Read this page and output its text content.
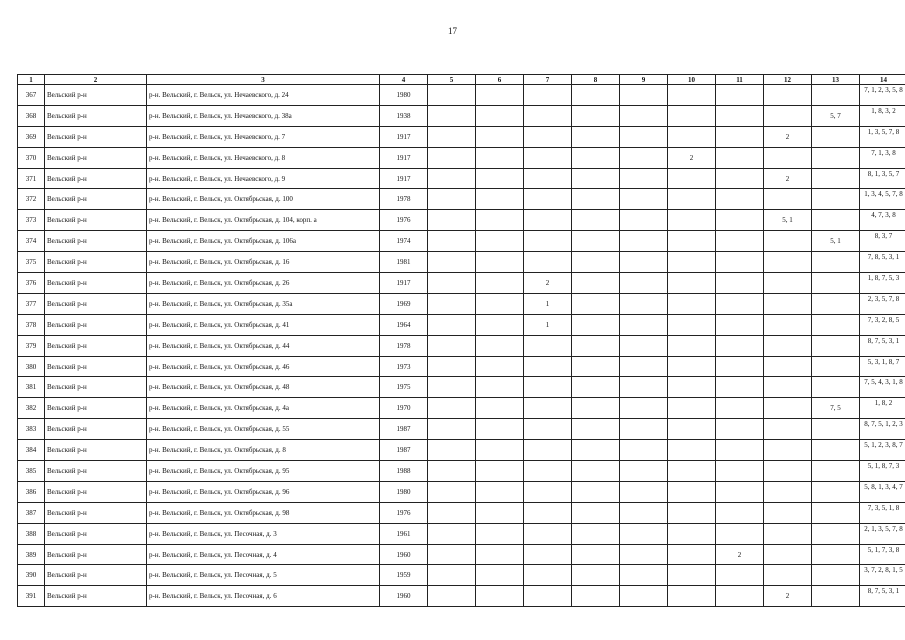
17
1	2	3	4	5	6	7	8	9	10	11	12	13	14
367	Вельский р-н	р-н. Вельский, г. Вельск, ул. Нечаевского, д. 24	1980										7, 1, 2, 3, 5, 8
368	Вельский р-н	р-н. Вельский, г. Вельск, ул. Нечаевского, д. 38а	1938									5, 7	1, 8, 3, 2
369	Вельский р-н	р-н. Вельский, г. Вельск, ул. Нечаевского, д. 7	1917								2		1, 3, 5, 7, 8
370	Вельский р-н	р-н. Вельский, г. Вельск, ул. Нечаевского, д. 8	1917						2				7, 1, 3, 8
371	Вельский р-н	р-н. Вельский, г. Вельск, ул. Нечаевского, д. 9	1917								2		8, 1, 3, 5, 7
372	Вельский р-н	р-н. Вельский, г. Вельск, ул. Октябрьская, д. 100	1978										1, 3, 4, 5, 7, 8
373	Вельский р-н	р-н. Вельский, г. Вельск, ул. Октябрьская, д. 104, корп. а	1976								5, 1		4, 7, 3, 8
374	Вельский р-н	р-н. Вельский, г. Вельск, ул. Октябрьская, д. 106а	1974									5, 1	8, 3, 7
375	Вельский р-н	р-н. Вельский, г. Вельск, ул. Октябрьская, д. 16	1981										7, 8, 5, 3, 1
376	Вельский р-н	р-н. Вельский, г. Вельск, ул. Октябрьская, д. 26	1917			2							1, 8, 7, 5, 3
377	Вельский р-н	р-н. Вельский, г. Вельск, ул. Октябрьская, д. 35а	1969			1							2, 3, 5, 7, 8
378	Вельский р-н	р-н. Вельский, г. Вельск, ул. Октябрьская, д. 41	1964			1							7, 3, 2, 8, 5
379	Вельский р-н	р-н. Вельский, г. Вельск, ул. Октябрьская, д. 44	1978										8, 7, 5, 3, 1
380	Вельский р-н	р-н. Вельский, г. Вельск, ул. Октябрьская, д. 46	1973										5, 3, 1, 8, 7
381	Вельский р-н	р-н. Вельский, г. Вельск, ул. Октябрьская, д. 48	1975										7, 5, 4, 3, 1, 8
382	Вельский р-н	р-н. Вельский, г. Вельск, ул. Октябрьская, д. 4а	1970									7, 5	1, 8, 2
383	Вельский р-н	р-н. Вельский, г. Вельск, ул. Октябрьская, д. 55	1987										8, 7, 5, 1, 2, 3
384	Вельский р-н	р-н. Вельский, г. Вельск, ул. Октябрьская, д. 8	1987										5, 1, 2, 3, 8, 7
385	Вельский р-н	р-н. Вельский, г. Вельск, ул. Октябрьская, д. 95	1988										5, 1, 8, 7, 3
386	Вельский р-н	р-н. Вельский, г. Вельск, ул. Октябрьская, д. 96	1980										5, 8, 1, 3, 4, 7
387	Вельский р-н	р-н. Вельский, г. Вельск, ул. Октябрьская, д. 98	1976										7, 3, 5, 1, 8
388	Вельский р-н	р-н. Вельский, г. Вельск, ул. Песочная, д. 3	1961										2, 1, 3, 5, 7, 8
389	Вельский р-н	р-н. Вельский, г. Вельск, ул. Песочная, д. 4	1960							2			5, 1, 7, 3, 8
390	Вельский р-н	р-н. Вельский, г. Вельск, ул. Песочная, д. 5	1959										3, 7, 2, 8, 1, 5
391	Вельский р-н	р-н. Вельский, г. Вельск, ул. Песочная, д. 6	1960								2		8, 7, 5, 3, 1
